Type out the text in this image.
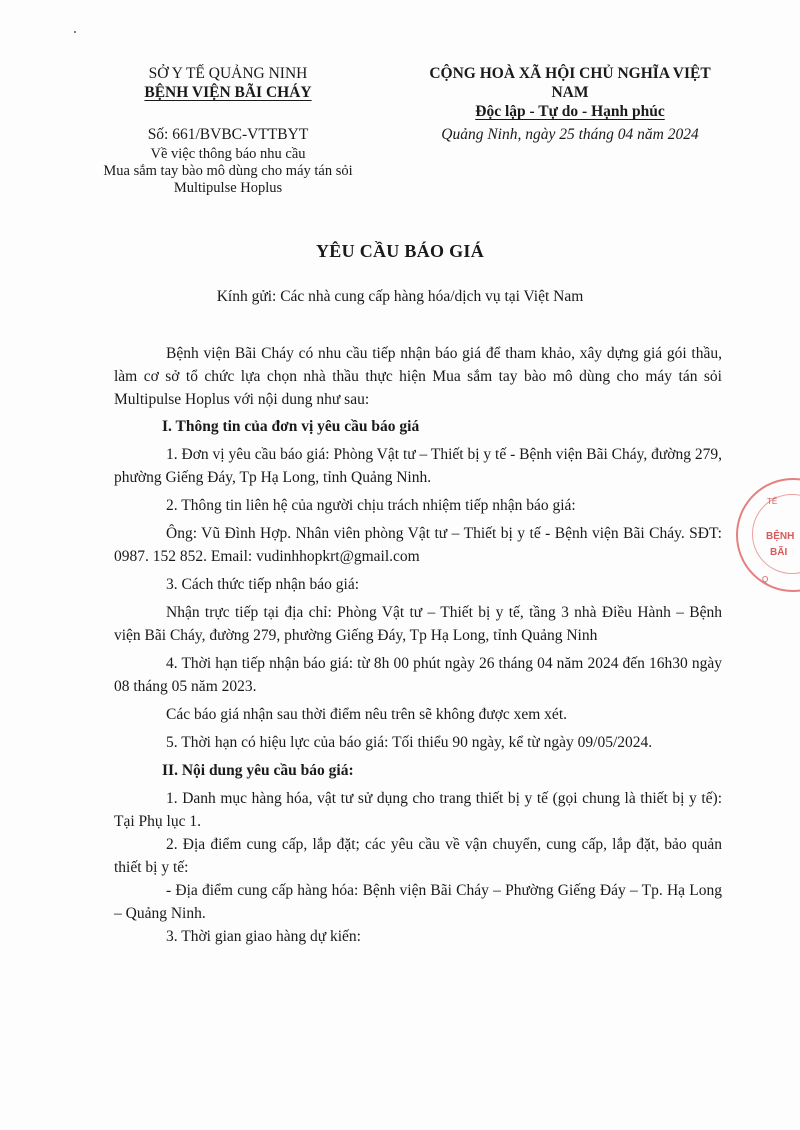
SỞ Y TẾ QUẢNG NINH
BỆNH VIỆN BÃI CHÁY
CỘNG HOÀ XÃ HỘI CHỦ NGHĨA VIỆT NAM
Độc lập - Tự do - Hạnh phúc
Số: 661/BVBC-VTTBYT	Quảng Ninh, ngày 25 tháng 04 năm 2024
Về việc thông báo nhu cầu
Mua sắm tay bào mô dùng cho máy tán sỏi
Multipulse Hoplus
YÊU CẦU BÁO GIÁ
Kính gửi: Các nhà cung cấp hàng hóa/dịch vụ tại Việt Nam

Bệnh viện Bãi Cháy có nhu cầu tiếp nhận báo giá để tham khảo, xây dựng giá gói thầu, làm cơ sở tổ chức lựa chọn nhà thầu thực hiện Mua sắm tay bào mô dùng cho máy tán sỏi Multipulse Hoplus với nội dung như sau:

I. Thông tin của đơn vị yêu cầu báo giá

1. Đơn vị yêu cầu báo giá: Phòng Vật tư – Thiết bị y tế - Bệnh viện Bãi Cháy, đường 279, phường Giếng Đáy, Tp Hạ Long, tỉnh Quảng Ninh.

2. Thông tin liên hệ của người chịu trách nhiệm tiếp nhận báo giá:

Ông: Vũ Đình Hợp. Nhân viên phòng Vật tư – Thiết bị y tế - Bệnh viện Bãi Cháy. SĐT: 0987. 152 852. Email: vudinhhopkrt@gmail.com

3. Cách thức tiếp nhận báo giá:

Nhận trực tiếp tại địa chỉ: Phòng Vật tư – Thiết bị y tế, tầng 3 nhà Điều Hành – Bệnh viện Bãi Cháy, đường 279, phường Giếng Đáy, Tp Hạ Long, tỉnh Quảng Ninh

4. Thời hạn tiếp nhận báo giá: từ 8h 00 phút ngày 26 tháng 04 năm 2024 đến 16h30 ngày 08 tháng 05 năm 2023.

Các báo giá nhận sau thời điểm nêu trên sẽ không được xem xét.

5. Thời hạn có hiệu lực của báo giá: Tối thiểu 90 ngày, kể từ ngày 09/05/2024.

II. Nội dung yêu cầu báo giá:

1. Danh mục hàng hóa, vật tư sử dụng cho trang thiết bị y tế (gọi chung là thiết bị y tế): Tại Phụ lục 1.

2. Địa điểm cung cấp, lắp đặt; các yêu cầu về vận chuyển, cung cấp, lắp đặt, bảo quản thiết bị y tế:

- Địa điểm cung cấp hàng hóa: Bệnh viện Bãi Cháy – Phường Giếng Đáy – Tp. Hạ Long – Quảng Ninh.

3. Thời gian giao hàng dự kiến:

TẾ
BỆNH
BÃI
Q
